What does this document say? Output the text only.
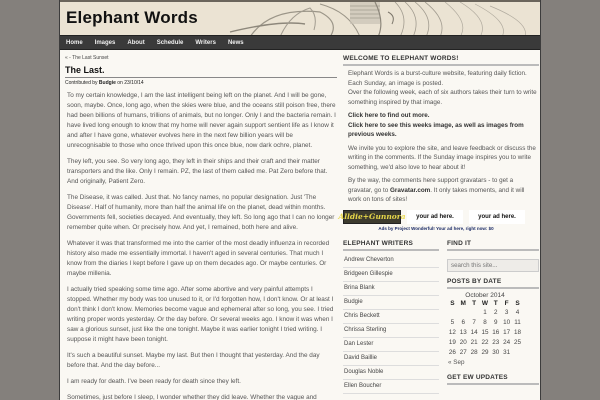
Elephant Words
Home Images About Schedule Writers News
« - The Last Sunset
The Last.
Contributed by Budgie on 23/10/14

To my certain knowledge, I am the last intelligent being left on the planet. And I will be gone, soon, maybe. Once, long ago, when the skies were blue, and the oceans still poison free, there had been billions of humans, trillions of animals, but no longer. Only I and the bacteria remain. I have lived long enough to know that my home will never again support sentient life as I know it and after I have gone, whatever evolves here in the next few billion years will be unrecognisable to those who once thrived upon this once blue, now dark ochre, planet.

They left, you see. So very long ago, they left in their ships and their craft and their matter transporters and the like. Only I remain. PZ, the last of them called me. Pat Zero before that. And originally, Patient Zero.

The Disease, it was called. Just that. No fancy names, no popular designation. Just 'The Disease'. Half of humanity, more than half the animal life on the planet, dead within months. Governments fell, societies decayed. And eventually, they left. So long ago that I can no longer remember quite when. Or precisely how. And yet, I remained, both here and alive.

Whatever it was that transformed me into the carrier of the most deadly influenza in recorded history also made me essentially immortal. I haven't aged in several centuries. That much I know from the diaries I kept before I gave up on them decades ago. Or maybe centuries. Or maybe millenia.

I actually tried speaking some time ago. After some abortive and very painful attempts I stopped. Whether my body was too unused to it, or I'd forgotten how, I don't know. Or at least I don't think I don't know. Memories become vague and ephemeral after so long, you see. I tried writing proper words yesterday. Or the day before. Or several weeks ago. I know it was when I saw a glorious sunset, just like the one tonight. Maybe it was earlier tonight I tried writing. I suppose it might have been tonight.

It's such a beautiful sunset. Maybe my last. But then I thought that yesterday. And the day before that. And the day before...

I am ready for death. I've been ready for death since they left.

Sometimes, just before I sleep, I wonder whether they did leave. Whether the vague and

WELCOME TO ELEPHANT WORDS!

Elephant Words is a burst-culture website, featuring daily fiction.
Each Sunday, an image is posted.
Over the following week, each of six authors takes their turn to write something inspired by that image.

Click here to find out more.
Click here to see this weeks image, as well as images from previous weeks.

We invite you to explore the site, and leave feedback or discuss the writing in the comments. If the Sunday image inspires you to write something, we'd also love to hear about it!

By the way, the comments here support gravatars - to get a gravatar, go to Gravatar.com. It only takes moments, and it will work on tons of sites!

Alldie+Gunnora	your ad here.	your ad here.
Ads by Project Wonderful! Your ad here, right now: $0
ELEPHANT WRITERS
Andrew Cheverton
Bridgeen Gillespie
Brina Blank
Budgie
Chris Beckett
Chrissa Sterling
Dan Lester
David Baillie
Douglas Noble
Ellen Boucher
FIND IT
search this site...
POSTS BY DATE
October 2014
S	M	T	W	T	F	S
			1	2	3	4
5	6	7	8	9	10	11
12	13	14	15	16	17	18
19	20	21	22	23	24	25
26	27	28	29	30	31	
« Sep
GET EW UPDATES
